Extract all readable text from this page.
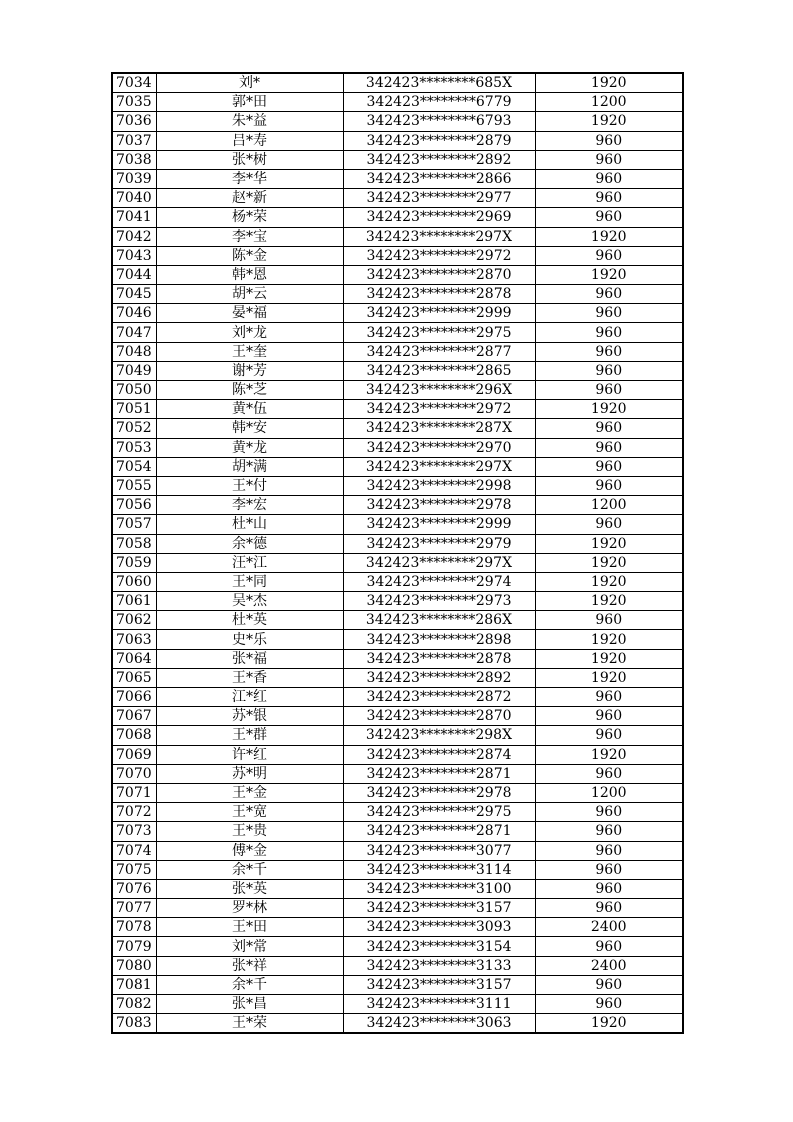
7034	刘*	342423********685X	1920
7035	郭*田	342423********6779	1200
7036	朱*益	342423********6793	1920
7037	吕*寿	342423********2879	960
7038	张*树	342423********2892	960
7039	李*华	342423********2866	960
7040	赵*新	342423********2977	960
7041	杨*荣	342423********2969	960
7042	李*宝	342423********297X	1920
7043	陈*金	342423********2972	960
7044	韩*恩	342423********2870	1920
7045	胡*云	342423********2878	960
7046	晏*福	342423********2999	960
7047	刘*龙	342423********2975	960
7048	王*奎	342423********2877	960
7049	谢*芳	342423********2865	960
7050	陈*芝	342423********296X	960
7051	黄*伍	342423********2972	1920
7052	韩*安	342423********287X	960
7053	黄*龙	342423********2970	960
7054	胡*满	342423********297X	960
7055	王*付	342423********2998	960
7056	李*宏	342423********2978	1200
7057	杜*山	342423********2999	960
7058	余*德	342423********2979	1920
7059	汪*江	342423********297X	1920
7060	王*同	342423********2974	1920
7061	吴*杰	342423********2973	1920
7062	杜*英	342423********286X	960
7063	史*乐	342423********2898	1920
7064	张*福	342423********2878	1920
7065	王*香	342423********2892	1920
7066	江*红	342423********2872	960
7067	苏*银	342423********2870	960
7068	王*群	342423********298X	960
7069	许*红	342423********2874	1920
7070	苏*明	342423********2871	960
7071	王*金	342423********2978	1200
7072	王*宽	342423********2975	960
7073	王*贵	342423********2871	960
7074	傅*金	342423********3077	960
7075	余*千	342423********3114	960
7076	张*英	342423********3100	960
7077	罗*林	342423********3157	960
7078	王*田	342423********3093	2400
7079	刘*常	342423********3154	960
7080	张*祥	342423********3133	2400
7081	余*千	342423********3157	960
7082	张*昌	342423********3111	960
7083	王*荣	342423********3063	1920
